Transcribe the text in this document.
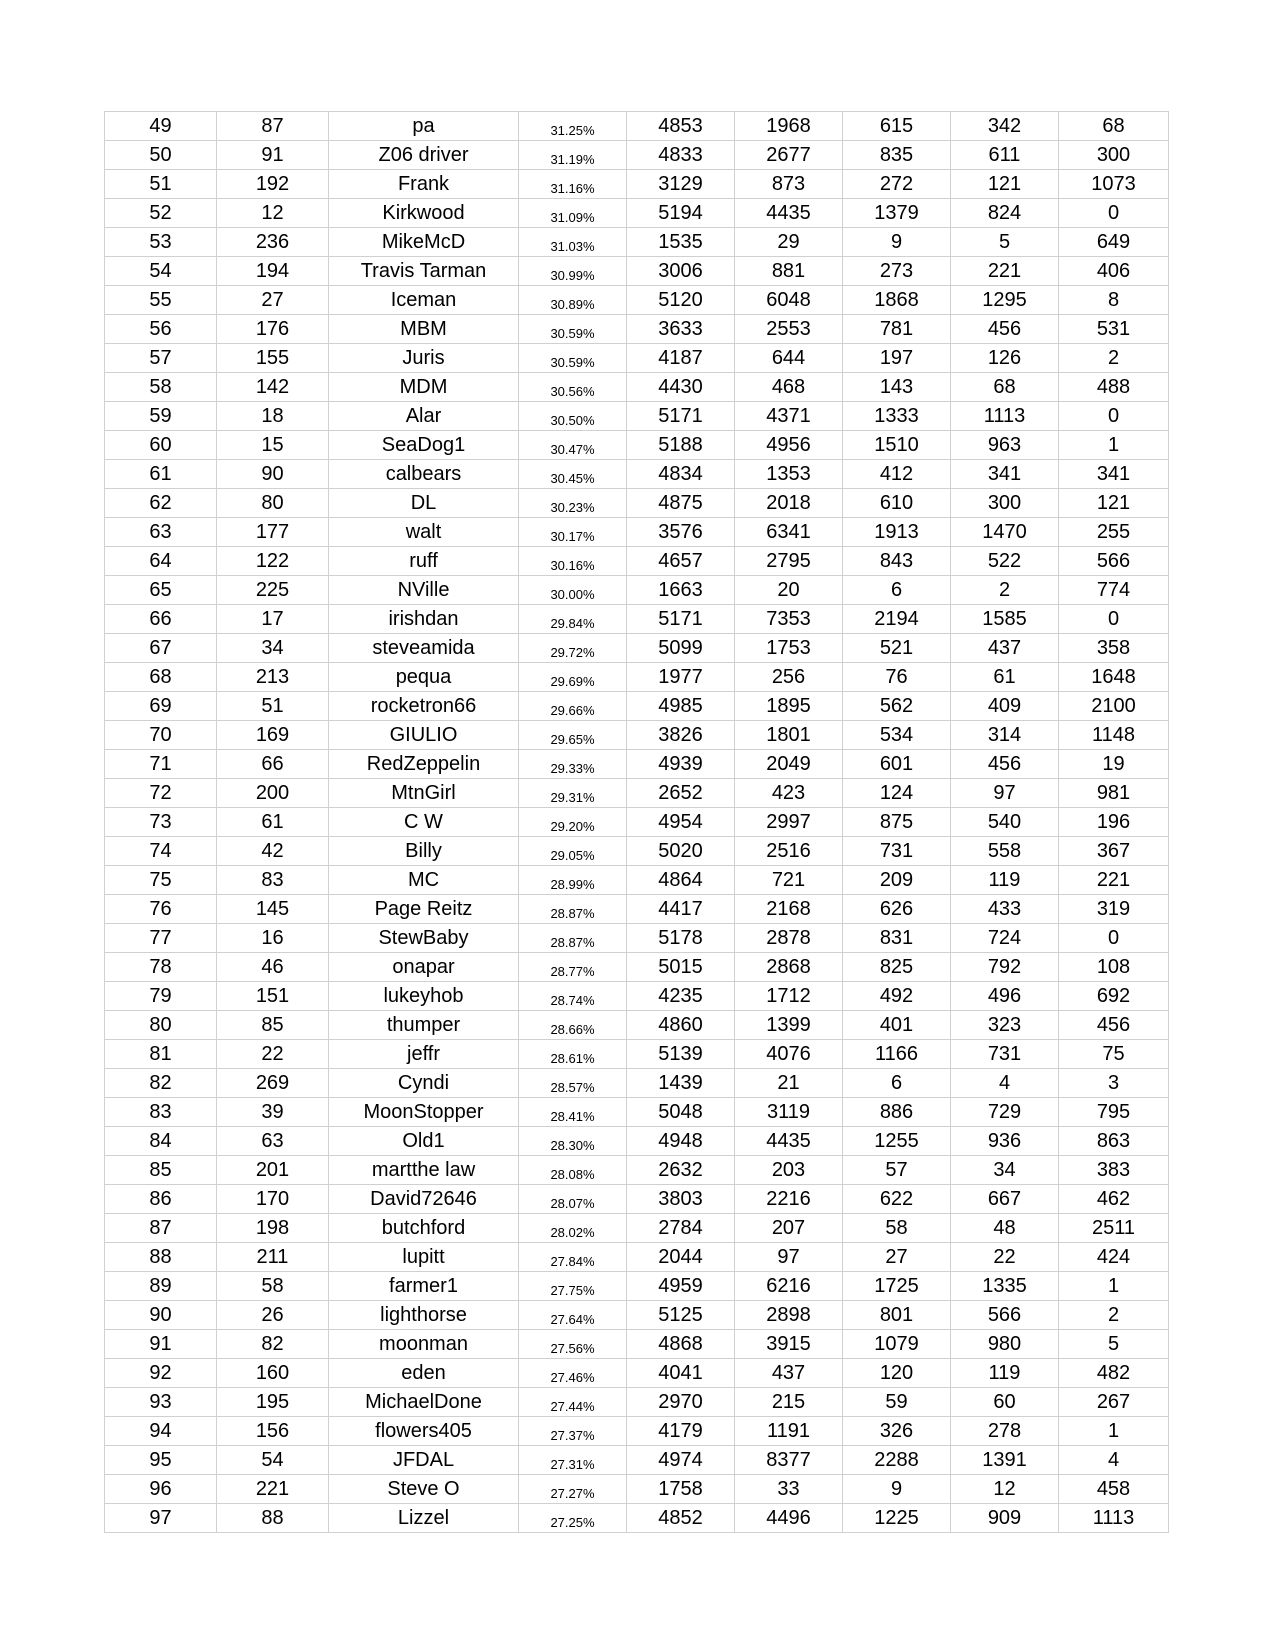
49	87	pa	31.25%	4853	1968	615	342	68
50	91	Z06 driver	31.19%	4833	2677	835	611	300
51	192	Frank	31.16%	3129	873	272	121	1073
52	12	Kirkwood	31.09%	5194	4435	1379	824	0
53	236	MikeMcD	31.03%	1535	29	9	5	649
54	194	Travis Tarman	30.99%	3006	881	273	221	406
55	27	Iceman	30.89%	5120	6048	1868	1295	8
56	176	MBM	30.59%	3633	2553	781	456	531
57	155	Juris	30.59%	4187	644	197	126	2
58	142	MDM	30.56%	4430	468	143	68	488
59	18	Alar	30.50%	5171	4371	1333	1113	0
60	15	SeaDog1	30.47%	5188	4956	1510	963	1
61	90	calbears	30.45%	4834	1353	412	341	341
62	80	DL	30.23%	4875	2018	610	300	121
63	177	walt	30.17%	3576	6341	1913	1470	255
64	122	ruff	30.16%	4657	2795	843	522	566
65	225	NVille	30.00%	1663	20	6	2	774
66	17	irishdan	29.84%	5171	7353	2194	1585	0
67	34	steveamida	29.72%	5099	1753	521	437	358
68	213	pequa	29.69%	1977	256	76	61	1648
69	51	rocketron66	29.66%	4985	1895	562	409	2100
70	169	GIULIO	29.65%	3826	1801	534	314	1148
71	66	RedZeppelin	29.33%	4939	2049	601	456	19
72	200	MtnGirl	29.31%	2652	423	124	97	981
73	61	C W	29.20%	4954	2997	875	540	196
74	42	Billy	29.05%	5020	2516	731	558	367
75	83	MC	28.99%	4864	721	209	119	221
76	145	Page Reitz	28.87%	4417	2168	626	433	319
77	16	StewBaby	28.87%	5178	2878	831	724	0
78	46	onapar	28.77%	5015	2868	825	792	108
79	151	lukeyhob	28.74%	4235	1712	492	496	692
80	85	thumper	28.66%	4860	1399	401	323	456
81	22	jeffr	28.61%	5139	4076	1166	731	75
82	269	Cyndi	28.57%	1439	21	6	4	3
83	39	MoonStopper	28.41%	5048	3119	886	729	795
84	63	Old1	28.30%	4948	4435	1255	936	863
85	201	martthe law	28.08%	2632	203	57	34	383
86	170	David72646	28.07%	3803	2216	622	667	462
87	198	butchford	28.02%	2784	207	58	48	2511
88	211	lupitt	27.84%	2044	97	27	22	424
89	58	farmer1	27.75%	4959	6216	1725	1335	1
90	26	lighthorse	27.64%	5125	2898	801	566	2
91	82	moonman	27.56%	4868	3915	1079	980	5
92	160	eden	27.46%	4041	437	120	119	482
93	195	MichaelDone	27.44%	2970	215	59	60	267
94	156	flowers405	27.37%	4179	1191	326	278	1
95	54	JFDAL	27.31%	4974	8377	2288	1391	4
96	221	Steve O	27.27%	1758	33	9	12	458
97	88	Lizzel	27.25%	4852	4496	1225	909	1113
